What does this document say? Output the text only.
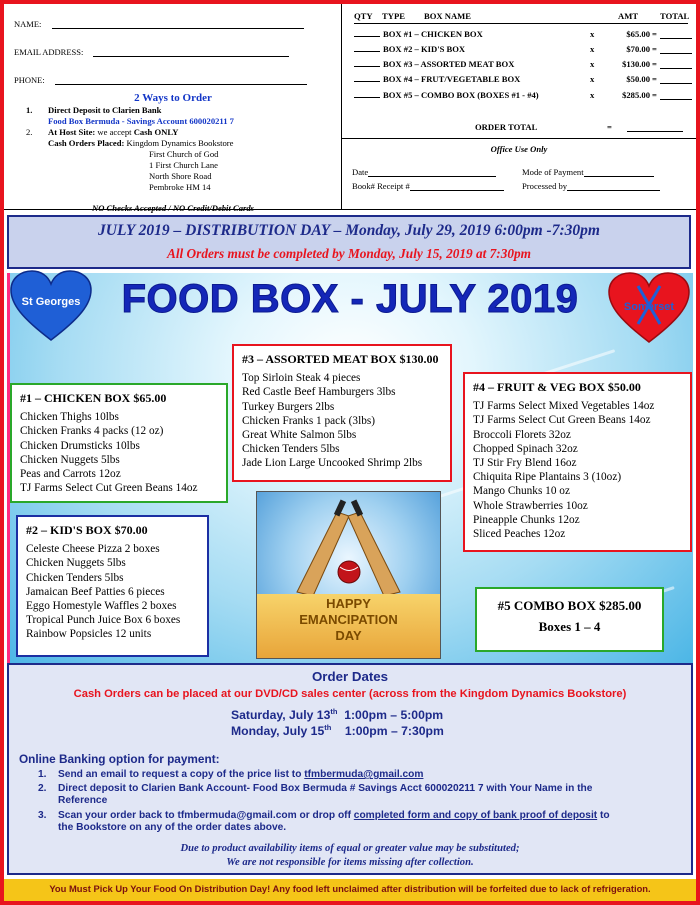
NAME:
EMAIL ADDRESS:
PHONE:
2 Ways to Order
1. Direct Deposit to Clarien Bank
Food Box Bermuda - Savings Account 600020211 7
2. At Host Site: we accept Cash ONLY
Cash Orders Placed: Kingdom Dynamics Bookstore
First Church of God
1 First Church Lane
North Shore Road
Pembroke HM 14
NO Checks Accepted / NO Credit/Debit Cards
QTY TYPE BOX NAME	AMT	TOTAL
BOX #1 – CHICKEN BOX	x	$65.00 =
BOX #2 – KID'S BOX	x	$70.00 =
BOX #3 – ASSORTED MEAT BOX	x	$130.00 =
BOX #4 – FRUT/VEGETABLE BOX	x	$50.00 =
BOX #5 – COMBO BOX (BOXES #1 - #4)	x	$285.00 =
ORDER TOTAL	=
Office Use Only
Date	Mode of Payment
Book# Receipt #	Processed by
JULY 2019 – DISTRIBUTION DAY – Monday, July 29, 2019 6:00pm -7:30pm
All Orders must be completed by Monday, July 15, 2019 at 7:30pm
St Georges	Somerset
FOOD BOX - JULY 2019
#3 – ASSORTED MEAT BOX $130.00
Top Sirloin Steak 4 pieces
Red Castle Beef Hamburgers 3lbs
Turkey Burgers 2lbs
Chicken Franks 1 pack (3lbs)
Great White Salmon 5lbs
Chicken Tenders 5lbs
Jade Lion Large Uncooked Shrimp 2lbs
#1 – CHICKEN BOX $65.00
Chicken Thighs 10lbs
Chicken Franks 4 packs (12 oz)
Chicken Drumsticks 10lbs
Chicken Nuggets 5lbs
Peas and Carrots 12oz
TJ Farms Select Cut Green Beans 14oz
#4 – FRUIT & VEG BOX $50.00
TJ Farms Select Mixed Vegetables 14oz
TJ Farms Select Cut Green Beans 14oz
Broccoli Florets 32oz
Chopped Spinach 32oz
TJ Stir Fry Blend 16oz
Chiquita Ripe Plantains 3 (10oz)
Mango Chunks 10 oz
Whole Strawberries 10oz
Pineapple Chunks 12oz
Sliced Peaches 12oz
#2 – KID'S BOX $70.00
Celeste Cheese Pizza 2 boxes
Chicken Nuggets 5lbs
Chicken Tenders 5lbs
Jamaican Beef Patties 6 pieces
Eggo Homestyle Waffles 2 boxes
Tropical Punch Juice Box 6 boxes
Rainbow Popsicles 12 units
HAPPY
EMANCIPATION
DAY
#5 COMBO BOX $285.00
Boxes 1 – 4
Order Dates
Cash Orders can be placed at our DVD/CD sales center (across from the Kingdom Dynamics Bookstore)
Saturday, July 13th  1:00pm – 5:00pm
Monday, July 15th    1:00pm – 7:30pm
Online Banking option for payment:
1. Send an email to request a copy of the price list to tfmbermuda@gmail.com
2. Direct deposit to Clarien Bank Account- Food Box Bermuda # Savings Acct 600020211 7 with Your Name in the
Reference
3. Scan your order back to tfmbermuda@gmail.com or drop off completed form and copy of bank proof of deposit to
the Bookstore on any of the order dates above.
Due to product availability items of equal or greater value may be substituted;
We are not responsible for items missing after collection.
You Must Pick Up Your Food On Distribution Day! Any food left unclaimed after distribution will be forfeited due to lack of refrigeration.
